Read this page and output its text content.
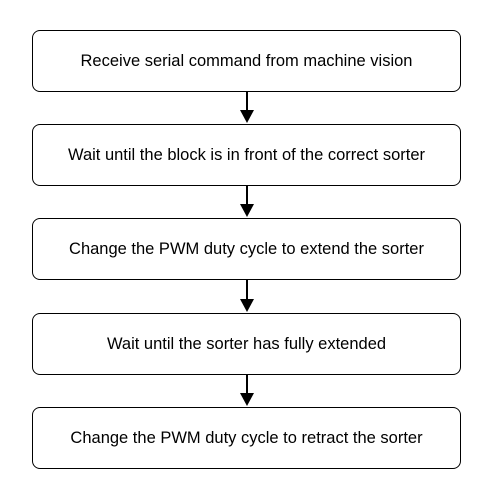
Receive serial command from machine vision
Wait until the block is in front of the correct sorter
Change the PWM duty cycle to extend the sorter
Wait until the sorter has fully extended
Change the PWM duty cycle to retract the sorter
